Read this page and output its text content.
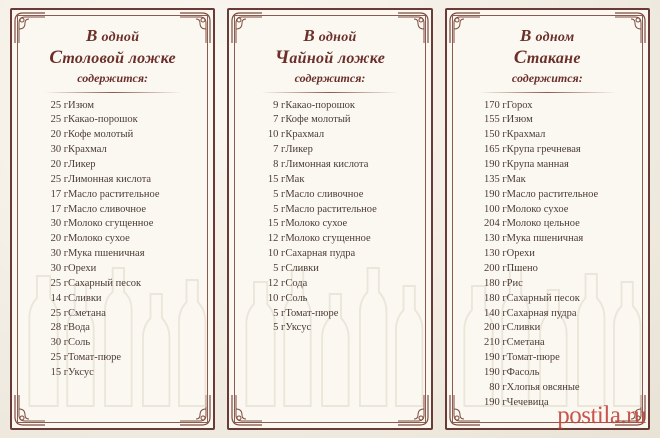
В одной
Столовой ложке
содержится:
25 г	Изюм
25 г	Какао-порошок
20 г	Кофе молотый
30 г	Крахмал
20 г	Ликер
25 г	Лимонная кислота
17 г	Масло растительное
17 г	Масло сливочное
30 г	Молоко сгущенное
20 г	Молоко сухое
30 г	Мука пшеничная
30 г	Орехи
25 г	Сахарный песок
14 г	Сливки
25 г	Сметана
28 г	Вода
30 г	Соль
25 г	Томат-пюре
15 г	Уксус
В одной
Чайной ложке
содержится:
9 г	Какао-порошок
7 г	Кофе молотый
10 г	Крахмал
7 г	Ликер
8 г	Лимонная кислота
15 г	Мак
5 г	Масло сливочное
5 г	Масло растительное
15 г	Молоко сухое
12 г	Молоко сгущенное
10 г	Сахарная пудра
5 г	Сливки
12 г	Сода
10 г	Соль
5 г	Томат-пюре
5 г	Уксус
В одном
Стакане
содержится:
170 г	Горох
155 г	Изюм
150 г	Крахмал
165 г	Крупа гречневая
190 г	Крупа манная
135 г	Мак
190 г	Масло растительное
100 г	Молоко сухое
204 г	Молоко цельное
130 г	Мука пшеничная
130 г	Орехи
200 г	Пшено
180 г	Рис
180 г	Сахарный песок
140 г	Сахарная пудра
200 г	Сливки
210 г	Сметана
190 г	Томат-пюре
190 г	Фасоль
80 г	Хлопья овсяные
190 г	Чечевица postila.ru
